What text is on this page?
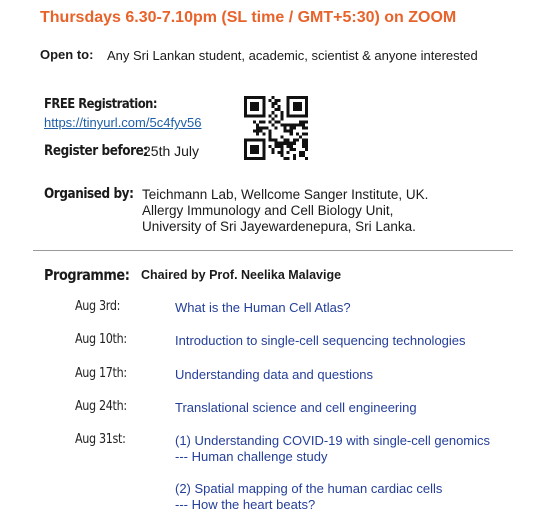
Thursdays 6.30-7.10pm (SL time / GMT+5:30) on ZOOM
Open to: Any Sri Lankan student, academic, scientist & anyone interested
FREE Registration:
https://tinyurl.com/5c4fyv56
Register before:
25th July
Organised by: Teichmann Lab, Wellcome Sanger Institute, UK.
Allergy Immunology and Cell Biology Unit,
University of Sri Jayewardenepura, Sri Lanka.
Programme: Chaired by Prof. Neelika Malavige
Aug 3rd:	What is the Human Cell Atlas?
Aug 10th:	Introduction to single-cell sequencing technologies
Aug 17th:	Understanding data and questions
Aug 24th:	Translational science and cell engineering
Aug 31st:	(1) Understanding COVID-19 with single-cell genomics
--- Human challenge study
(2) Spatial mapping of the human cardiac cells
--- How the heart beats?
